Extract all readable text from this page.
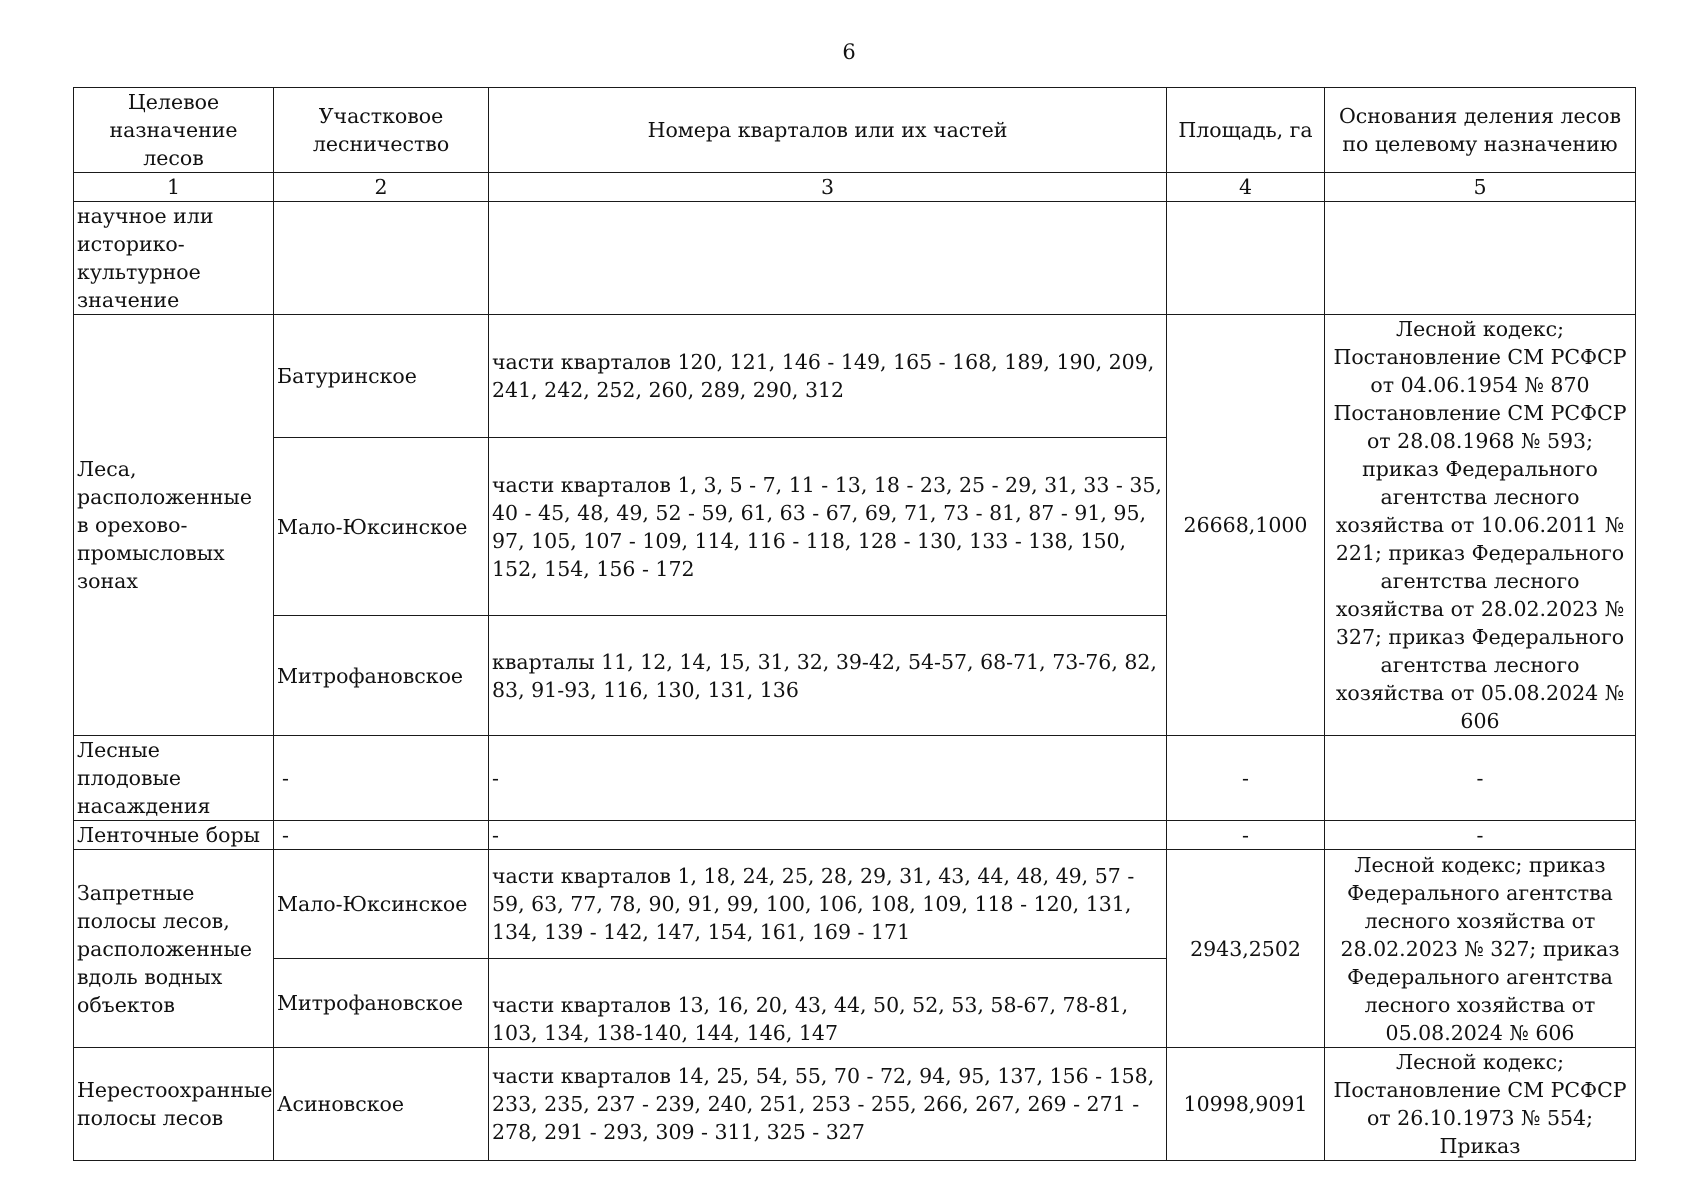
6
Целевое назначение лесов	Участковое лесничество	Номера кварталов или их частей	Площадь, га	Основания деления лесов по целевому назначению
1	2	3	4	5
научное или историко-культурное значение				
Леса, расположенные в орехово-промысловых зонах	Батуринское	части кварталов 120, 121, 146 - 149, 165 - 168, 189, 190, 209, 241, 242, 252, 260, 289, 290, 312	26668,1000	Лесной кодекс; Постановление СМ РСФСР от 04.06.1954 № 870 Постановление СМ РСФСР от 28.08.1968 № 593; приказ Федерального агентства лесного хозяйства от 10.06.2011 № 221; приказ Федерального агентства лесного хозяйства от 28.02.2023 № 327; приказ Федерального агентства лесного хозяйства от 05.08.2024 № 606
	Мало-Юксинское	части кварталов 1, 3, 5 - 7, 11 - 13, 18 - 23, 25 - 29, 31, 33 - 35, 40 - 45, 48, 49, 52 - 59, 61, 63 - 67, 69, 71, 73 - 81, 87 - 91, 95, 97, 105, 107 - 109, 114, 116 - 118, 128 - 130, 133 - 138, 150, 152, 154, 156 - 172		
	Митрофановское	кварталы 11, 12, 14, 15, 31, 32, 39-42, 54-57, 68-71, 73-76, 82, 83, 91-93, 116, 130, 131, 136		
Лесные плодовые насаждения	-	-	-	-
Ленточные боры	-	-	-	-
Запретные полосы лесов, расположенные вдоль водных объектов	Мало-Юксинское	части кварталов 1, 18, 24, 25, 28, 29, 31, 43, 44, 48, 49, 57 - 59, 63, 77, 78, 90, 91, 99, 100, 106, 108, 109, 118 - 120, 131, 134, 139 - 142, 147, 154, 161, 169 - 171	2943,2502	Лесной кодекс; приказ Федерального агентства лесного хозяйства от 28.02.2023 № 327; приказ Федерального агентства лесного хозяйства от 05.08.2024 № 606
	Митрофановское	части кварталов 13, 16, 20, 43, 44, 50, 52, 53, 58-67, 78-81, 103, 134, 138-140, 144, 146, 147		
Нерестоохранные полосы лесов	Асиновское	части кварталов 14, 25, 54, 55, 70 - 72, 94, 95, 137, 156 - 158, 233, 235, 237 - 239, 240, 251, 253 - 255, 266, 267, 269 - 271 - 278, 291 - 293, 309 - 311, 325 - 327	10998,9091	Лесной кодекс; Постановление СМ РСФСР от 26.10.1973 № 554; Приказ
